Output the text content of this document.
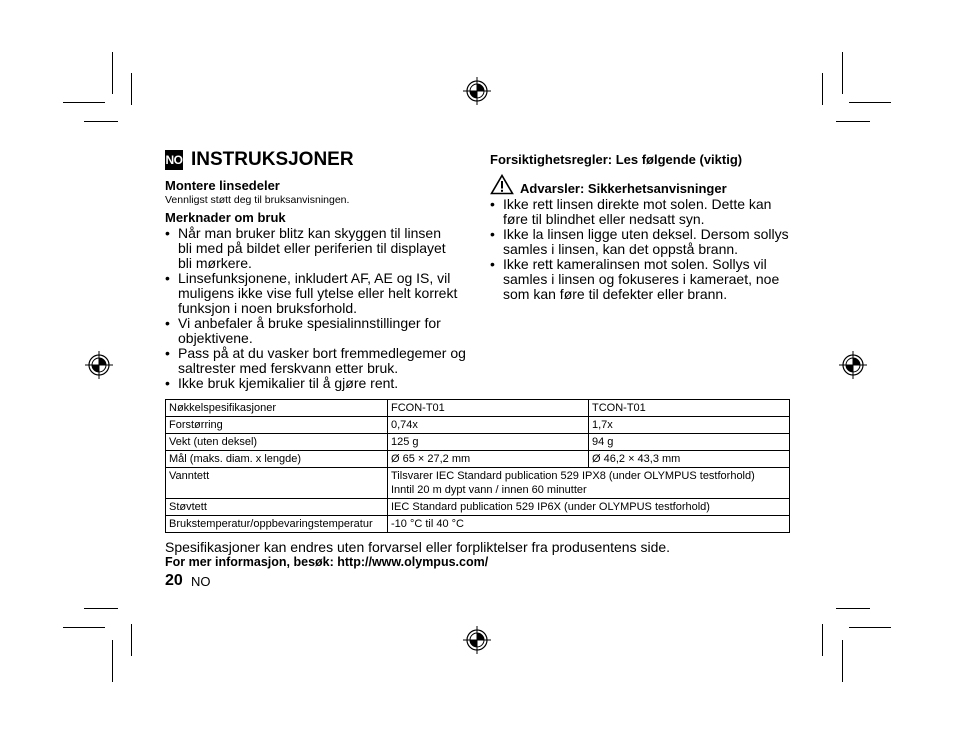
NO INSTRUKSJONER
Montere linsedeler
Vennligst støtt deg til bruksanvisningen.
Merknader om bruk
• Når man bruker blitz kan skyggen til linsen
bli med på bildet eller periferien til displayet
bli mørkere.
• Linsefunksjonene, inkludert AF, AE og IS, vil
muligens ikke vise full ytelse eller helt korrekt
funksjon i noen bruksforhold.
• Vi anbefaler å bruke spesialinnstillinger for
objektivene.
• Pass på at du vasker bort fremmedlegemer og
saltrester med ferskvann etter bruk.
• Ikke bruk kjemikalier til å gjøre rent.
Forsiktighetsregler: Les følgende (viktig)
Advarsler: Sikkerhetsanvisninger
• Ikke rett linsen direkte mot solen. Dette kan
føre til blindhet eller nedsatt syn.
• Ikke la linsen ligge uten deksel. Dersom sollys
samles i linsen, kan det oppstå brann.
• Ikke rett kameralinsen mot solen. Sollys vil
samles i linsen og fokuseres i kameraet, noe
som kan føre til defekter eller brann.
Nøkkelspesifikasjoner	FCON-T01	TCON-T01
Forstørring	0,74x	1,7x
Vekt (uten deksel)	125 g	94 g
Mål (maks. diam. x lengde)	Ø 65 × 27,2 mm	Ø 46,2 × 43,3 mm
Vanntett	Tilsvarer IEC Standard publication 529 IPX8 (under OLYMPUS testforhold)
Inntil 20 m dypt vann / innen 60 minutter	

Støvtett	IEC Standard publication 529 IP6X (under OLYMPUS testforhold)	
Brukstemperatur/oppbevaringstemperatur	-10 °C til 40 °C	
Spesifikasjoner kan endres uten forvarsel eller forpliktelser fra produsentens side.
For mer informasjon, besøk: http://www.olympus.com/
20 NO
